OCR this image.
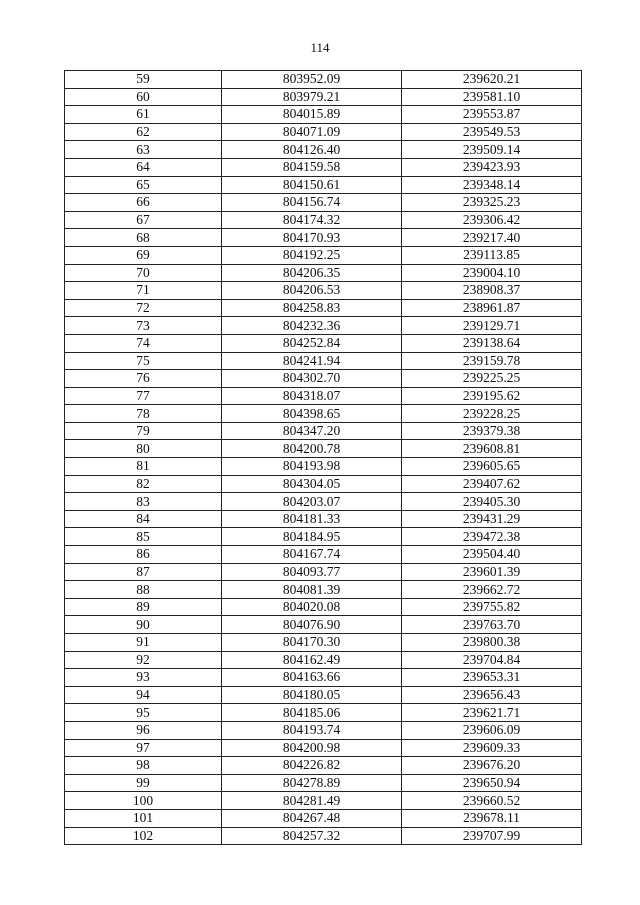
114
59	803952.09	239620.21
60	803979.21	239581.10
61	804015.89	239553.87
62	804071.09	239549.53
63	804126.40	239509.14
64	804159.58	239423.93
65	804150.61	239348.14
66	804156.74	239325.23
67	804174.32	239306.42
68	804170.93	239217.40
69	804192.25	239113.85
70	804206.35	239004.10
71	804206.53	238908.37
72	804258.83	238961.87
73	804232.36	239129.71
74	804252.84	239138.64
75	804241.94	239159.78
76	804302.70	239225.25
77	804318.07	239195.62
78	804398.65	239228.25
79	804347.20	239379.38
80	804200.78	239608.81
81	804193.98	239605.65
82	804304.05	239407.62
83	804203.07	239405.30
84	804181.33	239431.29
85	804184.95	239472.38
86	804167.74	239504.40
87	804093.77	239601.39
88	804081.39	239662.72
89	804020.08	239755.82
90	804076.90	239763.70
91	804170.30	239800.38
92	804162.49	239704.84
93	804163.66	239653.31
94	804180.05	239656.43
95	804185.06	239621.71
96	804193.74	239606.09
97	804200.98	239609.33
98	804226.82	239676.20
99	804278.89	239650.94
100	804281.49	239660.52
101	804267.48	239678.11
102	804257.32	239707.99
